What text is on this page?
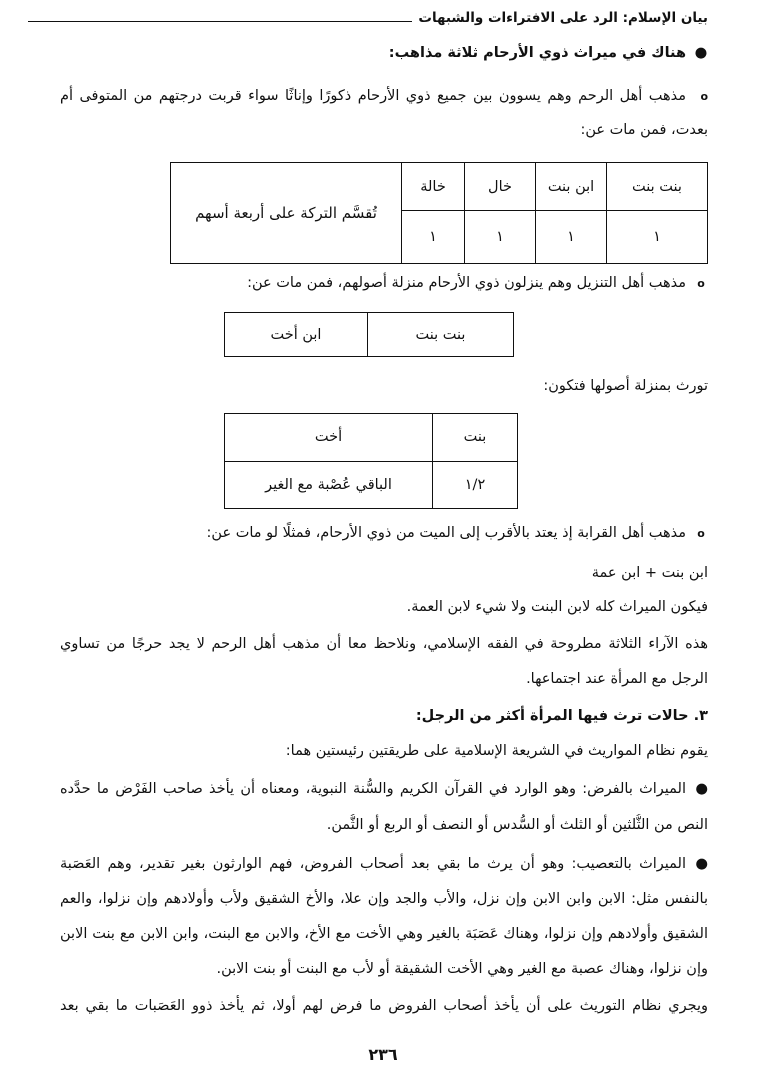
بيان الإسلام: الرد على الافتراءات والشبهات
●هناك في ميراث ذوي الأرحام ثلاثة مذاهب:
oمذهب أهل الرحم وهم يسوون بين جميع ذوي الأرحام ذكورًا وإناثًا سواء قربت درجتهم من المتوفى أم
بعدت، فمن مات عن:
بنت بنت	ابن بنت	خال	خالة	تُقسَّم التركة على أربعة أسهم
١	١	١	١	
oمذهب أهل التنزيل وهم ينزلون ذوي الأرحام منزلة أصولهم، فمن مات عن:
بنت بنت	ابن أخت
تورث بمنزلة أصولها فتكون:
بنت	أخت
١/٢	الباقي عُصْبة مع الغير
oمذهب أهل القرابة إذ يعتد بالأقرب إلى الميت من ذوي الأرحام، فمثلًا لو مات عن:
ابن بنت + ابن عمة
فيكون الميراث كله لابن البنت ولا شيء لابن العمة.
هذه الآراء الثلاثة مطروحة في الفقه الإسلامي، ونلاحظ معا أن مذهب أهل الرحم لا يجد حرجًا من تساوي
الرجل مع المرأة عند اجتماعها.
٣. حالات ترث فيها المرأة أكثر من الرجل:
يقوم نظام المواريث في الشريعة الإسلامية على طريقتين رئيستين هما:
●الميراث بالفرض: وهو الوارد في القرآن الكريم والسُّنة النبوية، ومعناه أن يأخذ صاحب الفَرْض ما حدَّده
النص من الثُّلثين أو الثلث أو السُّدس أو النصف أو الربع أو الثُّمن.
●الميراث بالتعصيب: وهو أن يرث ما بقي بعد أصحاب الفروض، فهم الوارثون بغير تقدير، وهم العَصَبة
بالنفس مثل: الابن وابن الابن وإن نزل، والأب والجد وإن علا، والأخ الشقيق ولأب وأولادهم وإن نزلوا، والعم
الشقيق وأولادهم وإن نزلوا، وهناك عَصَبَة بالغير وهي الأخت مع الأخ، والابن مع البنت، وابن الابن مع بنت الابن
وإن نزلوا، وهناك عصبة مع الغير وهي الأخت الشقيقة أو لأب مع البنت أو بنت الابن.
ويجري نظام التوريث على أن يأخذ أصحاب الفروض ما فرض لهم أولا، ثم يأخذ ذوو العَصَبات ما بقي بعد
٢٣٦
